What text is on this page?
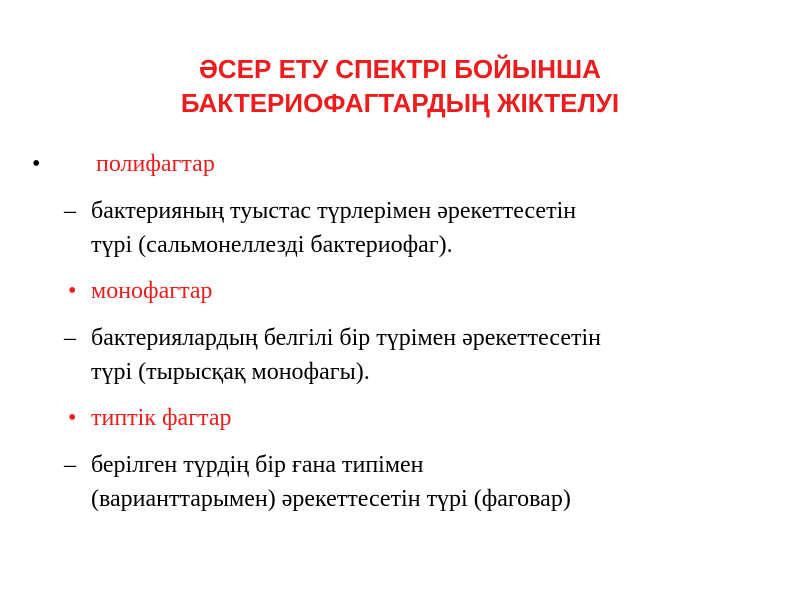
ӘСЕР ЕТУ СПЕКТРІ БОЙЫНША
БАКТЕРИОФАГТАРДЫҢ ЖІКТЕЛУІ
• полифагтар
– бактерияның туыстас түрлерімен әрекеттесетін
түрі (сальмонеллезді бактериофаг).
• монофагтар
– бактериялардың белгілі бір түрімен әрекеттесетін
түрі (тырысқақ монофагы).
• типтік фагтар
– берілген түрдің бір ғана типімен
(варианттарымен) әрекеттесетін түрі (фаговар)
